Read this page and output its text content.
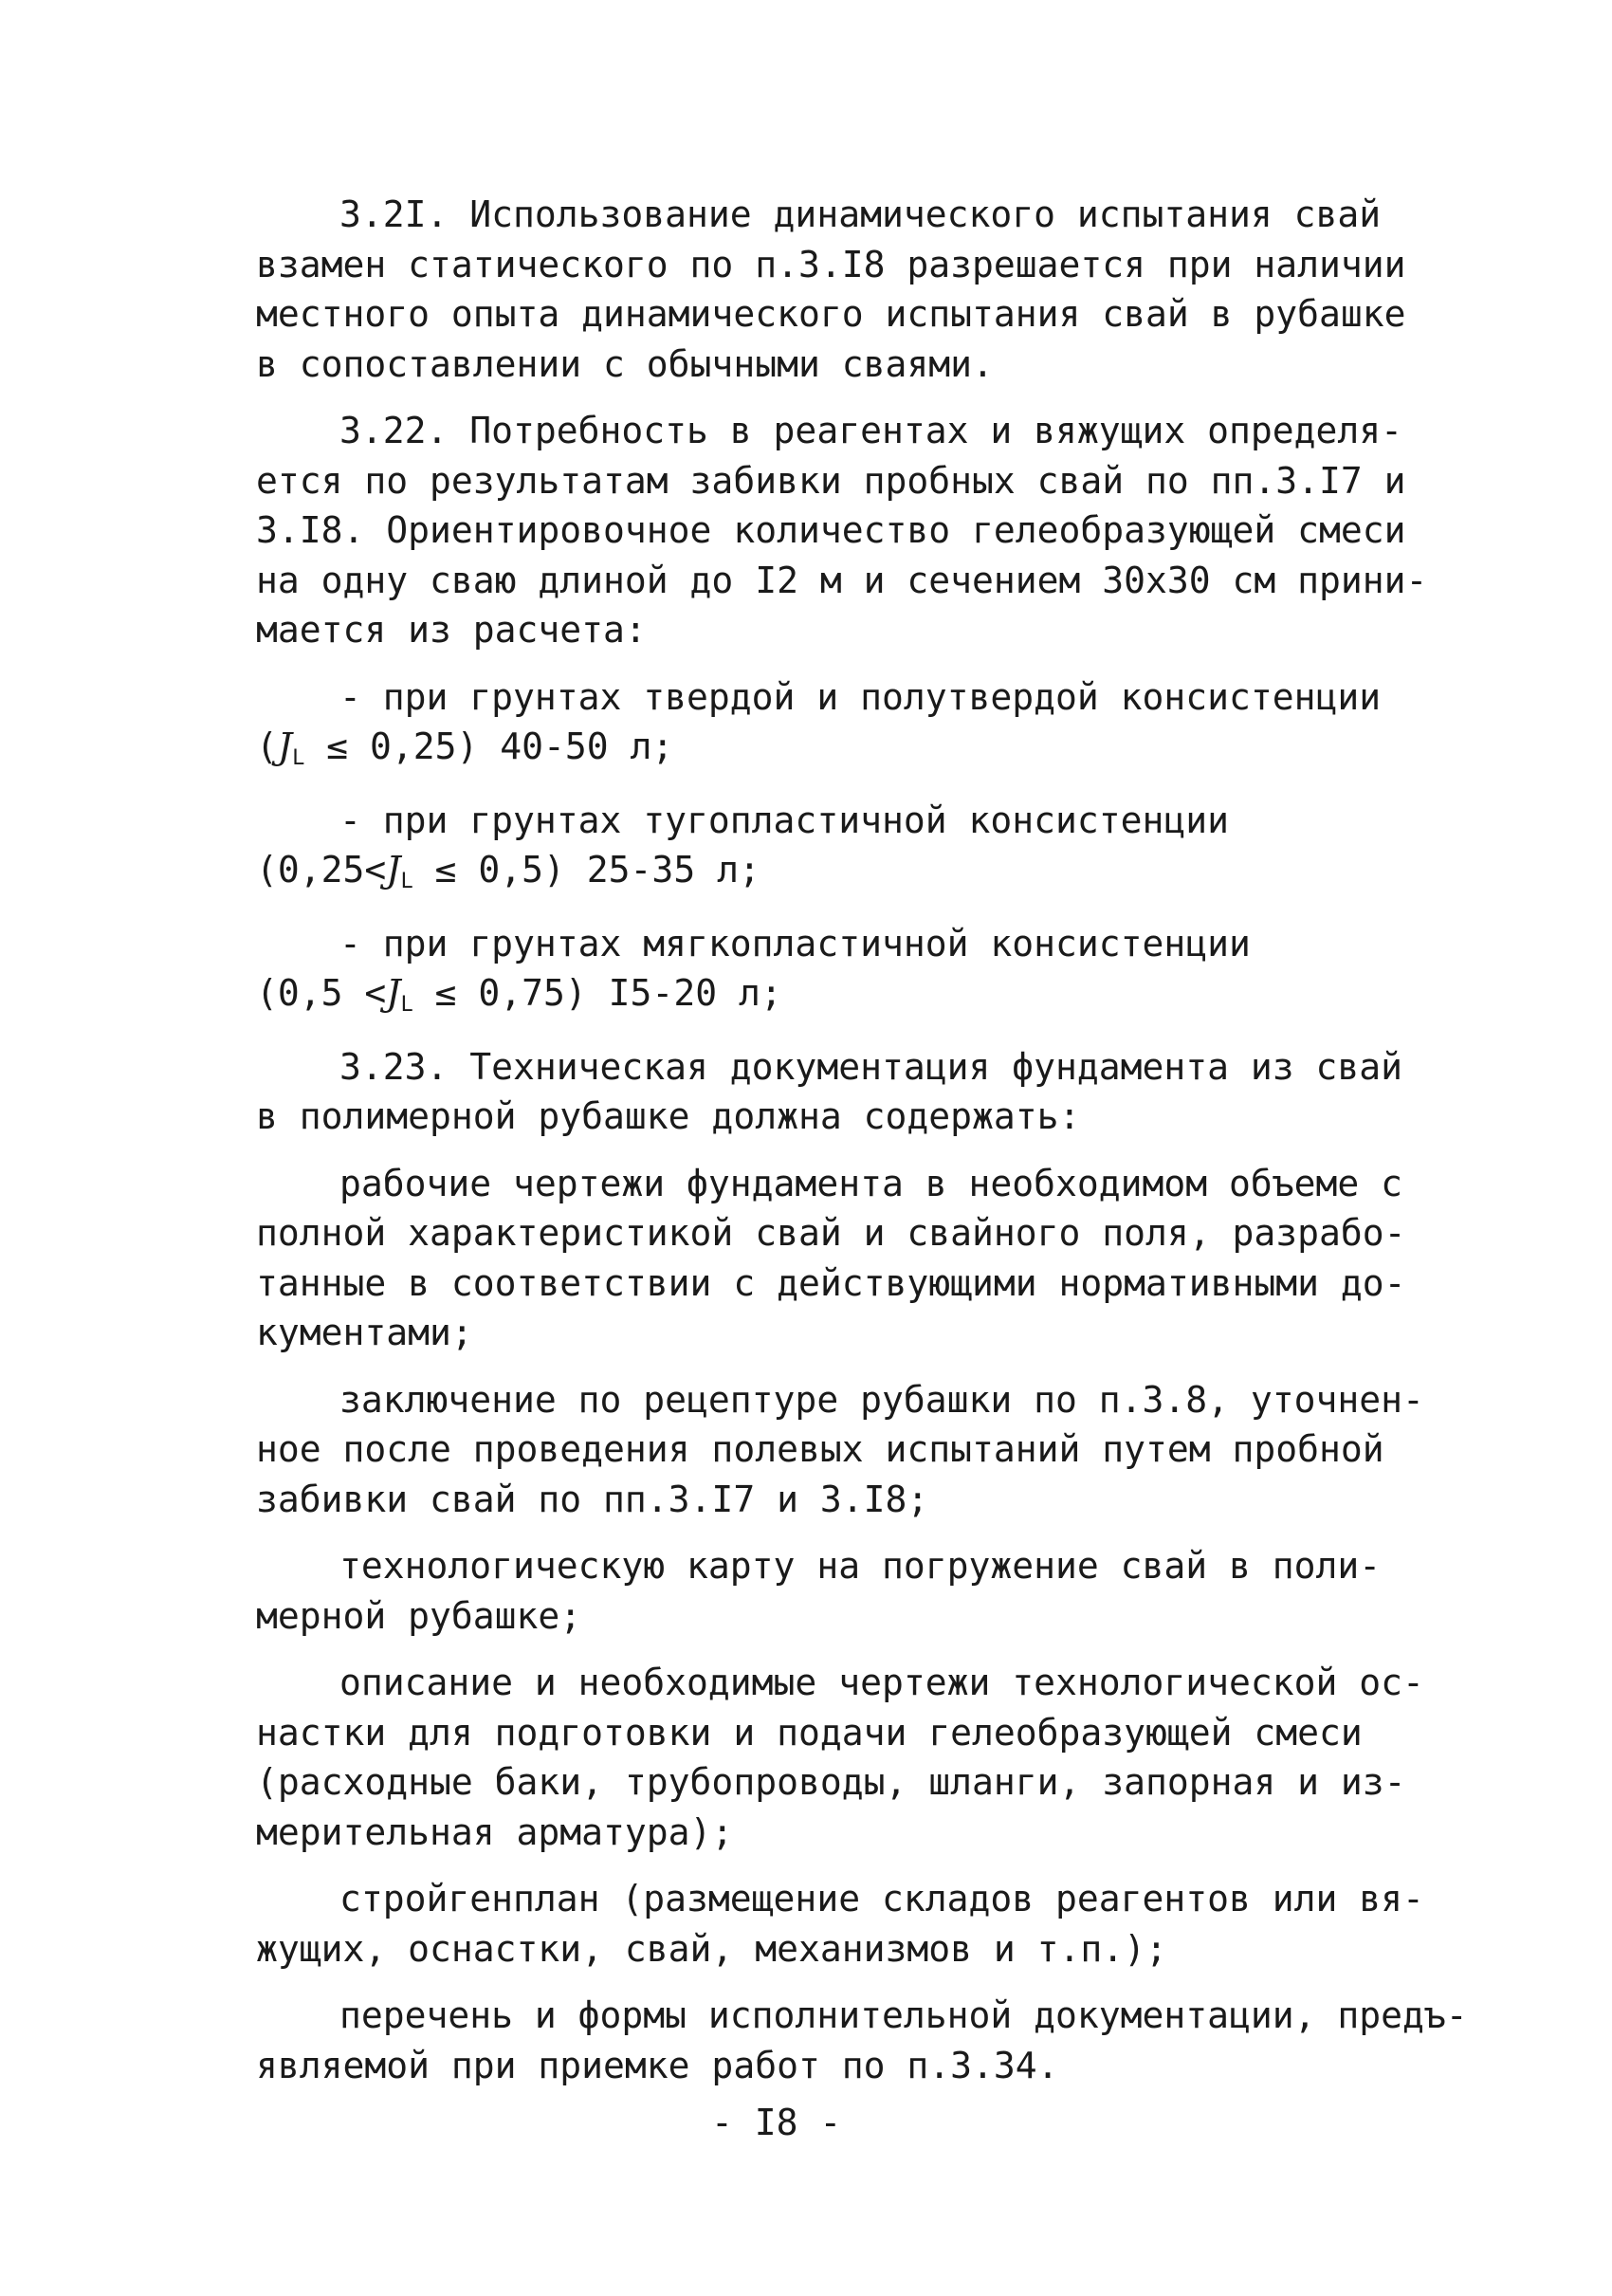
3.2I. Использование динамического испытания свай
взамен статического по п.3.I8 разрешается при наличии
местного опыта динамического испытания свай в рубашке
в сопоставлении с обычными сваями.
3.22. Потребность в реагентах и вяжущих определя-
ется по результатам забивки пробных свай по пп.3.I7 и
3.I8. Ориентировочное количество гелеобразующей смеси
на одну сваю длиной до I2 м и сечением 30x30 см прини-
мается из расчета:
- при грунтах твердой и полутвердой консистенции
(JL ≤ 0,25) 40-50 л;
- при грунтах тугопластичной консистенции
(0,25<JL ≤ 0,5) 25-35 л;
- при грунтах мягкопластичной консистенции
(0,5 <JL ≤ 0,75) I5-20 л;
3.23. Техническая документация фундамента из свай
в полимерной рубашке должна содержать:
рабочие чертежи фундамента в необходимом объеме с
полной характеристикой свай и свайного поля, разрабо-
танные в соответствии с действующими нормативными до-
кументами;
заключение по рецептуре рубашки по п.3.8, уточнен-
ное после проведения полевых испытаний путем пробной
забивки свай по пп.3.I7 и 3.I8;
технологическую карту на погружение свай в поли-
мерной рубашке;
описание и необходимые чертежи технологической ос-
настки для подготовки и подачи гелеобразующей смеси
(расходные баки, трубопроводы, шланги, запорная и из-
мерительная арматура);
стройгенплан (размещение складов реагентов или вя-
жущих, оснастки, свай, механизмов и т.п.);
перечень и формы исполнительной документации, предъ-
являемой при приемке работ по п.3.34.
- I8 -
